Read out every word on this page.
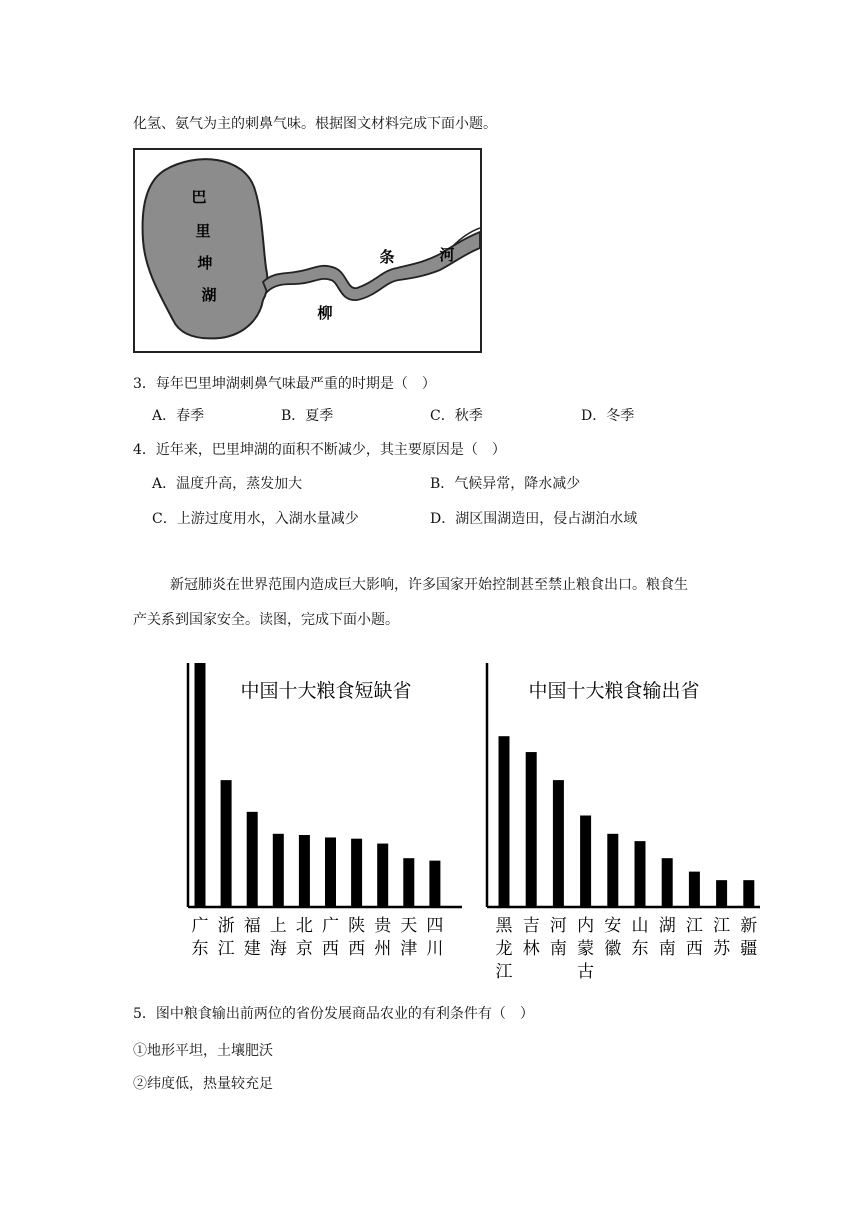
化氢、氨气为主的刺鼻气味。根据图文材料完成下面小题。
巴
里
坤
湖
柳
条	河
3．每年巴里坤湖刺鼻气味最严重的时期是（　）
A．春季	B．夏季	C．秋季	D．冬季
4．近年来，巴里坤湖的面积不断减少，其主要原因是（　）
A．温度升高，蒸发加大	B．气候异常，降水减少
C．上游过度用水，入湖水量减少	D．湖区围湖造田，侵占湖泊水域
新冠肺炎在世界范围内造成巨大影响，许多国家开始控制甚至禁止粮食出口。粮食生
产关系到国家安全。读图，完成下面小题。
中国十大粮食短缺省
广
东
浙
江
福
建
上
海
北
京
广
西
陕
西
贵
州
天
津
四
川
中国十大粮食输出省
黑
龙
江
吉
林
河
南
内
蒙
古
安
徽
山
东
湖
南
江
西
江
苏
新
疆
5．图中粮食输出前两位的省份发展商品农业的有利条件有（　）
①地形平坦，土壤肥沃
②纬度低，热量较充足
